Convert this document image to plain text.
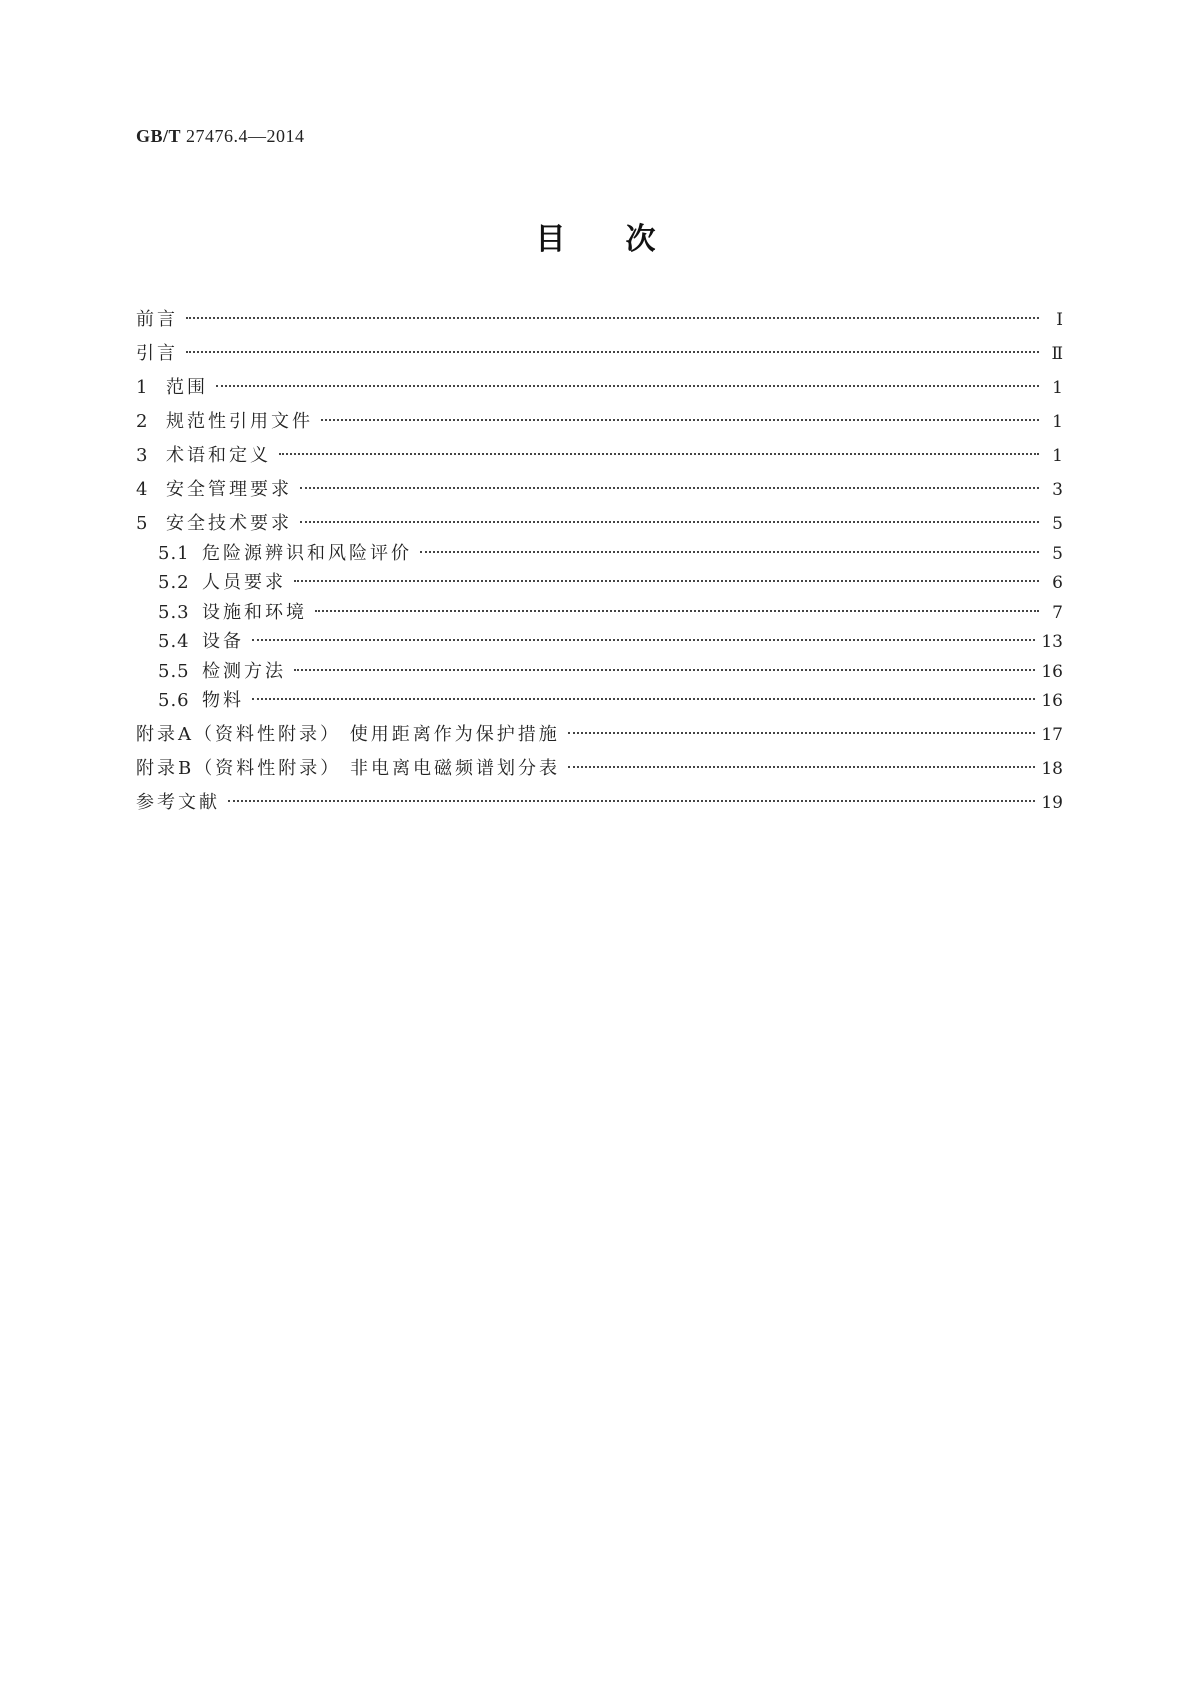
GB/T 27476.4—2014
目次
前言	Ⅰ
引言	Ⅱ
1 范围	1
2 规范性引用文件	1
3 术语和定义	1
4 安全管理要求	3
5 安全技术要求	5
5.1 危险源辨识和风险评价	5
5.2 人员要求	6
5.3 设施和环境	7
5.4 设备	13
5.5 检测方法	16
5.6 物料	16
附录A（资料性附录） 使用距离作为保护措施	17
附录B（资料性附录） 非电离电磁频谱划分表	18
参考文献	19
